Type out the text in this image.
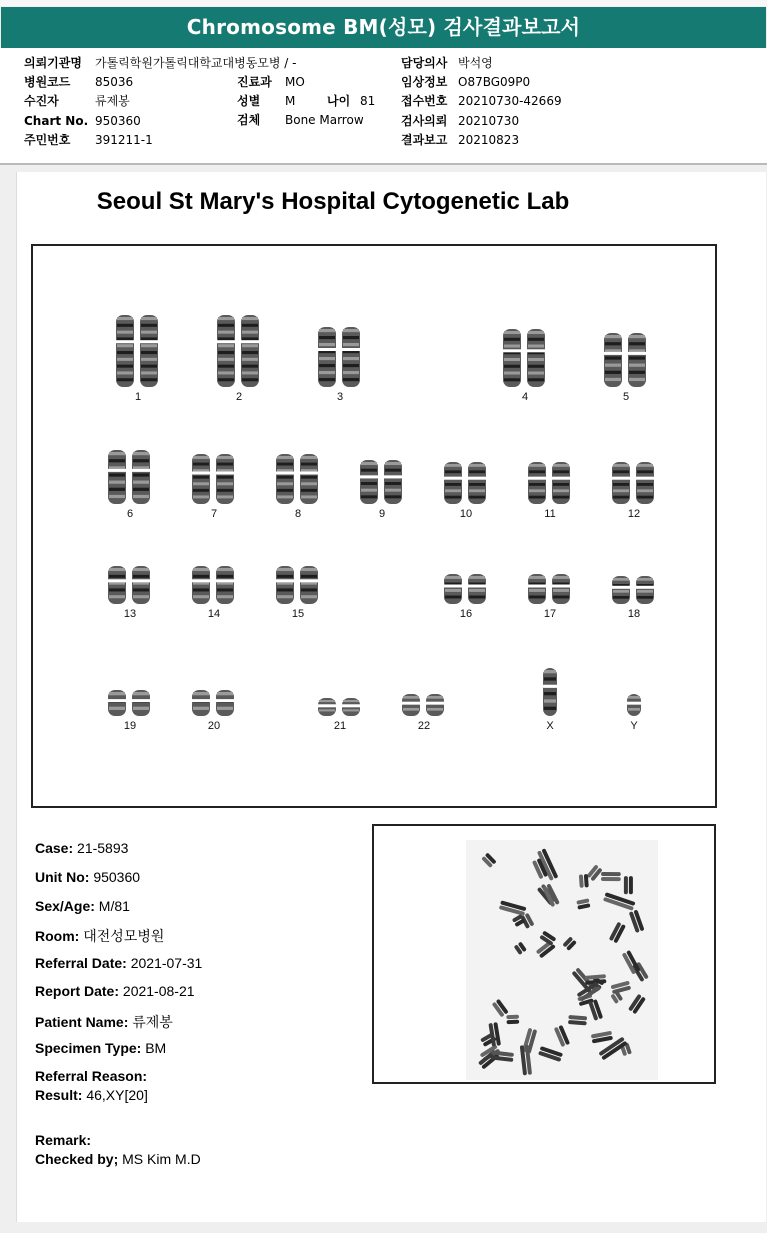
Chromosome BM(성모) 검사결과보고서
의뢰기관명 가톨릭학원가톨릭대학교대병동모병 / -
병원코드 85036
수진자	류제봉
Chart No. 950360
주민번호 391211-1
진료과 MO
성별 M	나이 81
검체 Bone Marrow
담당의사 박석영
임상정보 O87BG09P0
접수번호 20210730-42669
검사의뢰 20210730
결과보고 20210823
Seoul St Mary's Hospital Cytogenetic Lab
1	2	3	4	5
6	7	8	9	10	11	12
13	14	15	16	17	18
19	20	21	22	X	Y
Case: 21-5893
Unit No: 950360
Sex/Age: M/81
Room: 대전성모병원
Referral Date: 2021-07-31
Report Date: 2021-08-21
Patient Name: 류제봉
Specimen Type: BM
Referral Reason:
Result: 46,XY[20]
Remark:
Checked by; MS Kim M.D
